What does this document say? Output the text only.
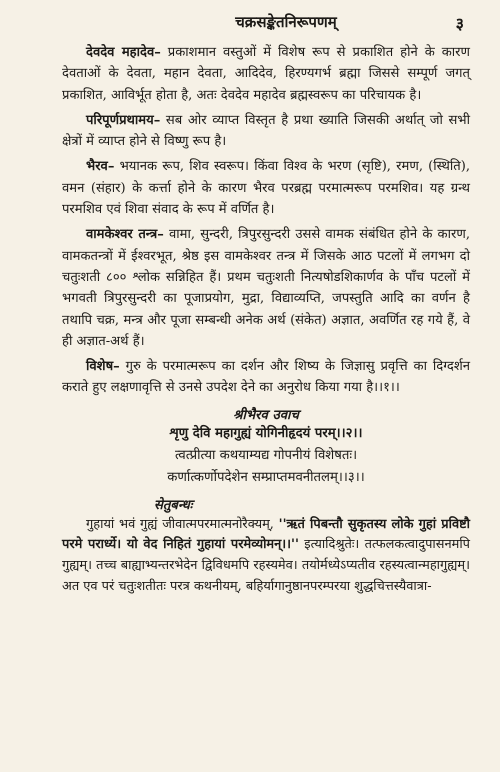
चक्रसङ्केतनिरूपणम्	३

देवदेव महादेव– प्रकाशमान वस्तुओं में विशेष रूप से प्रकाशित होने के कारण देवताओं के देवता, महान देवता, आदिदेव, हिरण्यगर्भ ब्रह्मा जिससे सम्पूर्ण जगत् प्रकाशित, आविर्भूत होता है, अतः देवदेव महादेव ब्रह्मस्वरूप का परिचायक है।

परिपूर्णप्रथामय– सब ओर व्याप्त विस्तृत है प्रथा ख्याति जिसकी अर्थात् जो सभी क्षेत्रों में व्याप्त होने से विष्णु रूप है।

भैरव– भयानक रूप, शिव स्वरूप। किंवा विश्व के भरण (सृष्टि), रमण, (स्थिति), वमन (संहार) के कर्त्ता होने के कारण भैरव परब्रह्म परमात्मरूप परमशिव। यह ग्रन्थ परमशिव एवं शिवा संवाद के रूप में वर्णित है।

वामकेश्वर तन्त्र– वामा, सुन्दरी, त्रिपुरसुन्दरी उससे वामक संबंधित होने के कारण, वामकतन्त्रों में ईश्वरभूत, श्रेष्ठ इस वामकेश्वर तन्त्र में जिसके आठ पटलों में लगभग दो चतुःशती ८०० श्लोक सन्निहित हैं। प्रथम चतुःशती नित्यषोडशिकार्णव के पाँच पटलों में भगवती त्रिपुरसुन्दरी का पूजाप्रयोग, मुद्रा, विद्याव्यप्ति, जपस्तुति आदि का वर्णन है तथापि चक्र, मन्त्र और पूजा सम्बन्धी अनेक अर्थ (संकेत) अज्ञात, अवर्णित रह गये हैं, वे ही अज्ञात-अर्थ हैं।

विशेष– गुरु के परमात्मरूप का दर्शन और शिष्य के जिज्ञासु प्रवृत्ति का दिग्दर्शन कराते हुए लक्षणावृत्ति से उनसे उपदेश देने का अनुरोध किया गया है।।१।।

श्रीभैरव उवाच
शृणु देवि महागुह्यं योगिनीहृदयं परम्।।२।।
त्वत्प्रीत्या कथयाम्यद्य गोपनीयं विशेषतः।
कर्णात्कर्णोपदेशेन सम्प्राप्तमवनीतलम्।।३।।
सेतुबन्धः

गुहायां भवं गुह्यं जीवात्मपरमात्मनोरैक्यम्, ''ऋतं पिबन्तौ सुकृतस्य लोके गुहां प्रविष्टौ परमे परार्ध्ये। यो वेद निहितं गुहायां परमेव्योमन्।।'' इत्यादिश्रुतेः। तत्फलकत्वादुपासनमपि गुह्यम्। तच्च बाह्याभ्यन्तरभेदेन द्विविधमपि रहस्यमेव। तयोर्मध्येऽप्यतीव रहस्यत्वान्महागुह्यम्। अत एव परं चतुःशतीतः परत्र कथनीयम्, बहिर्यागानुष्ठानपरम्परया शुद्धचित्तस्यैवात्रा-
